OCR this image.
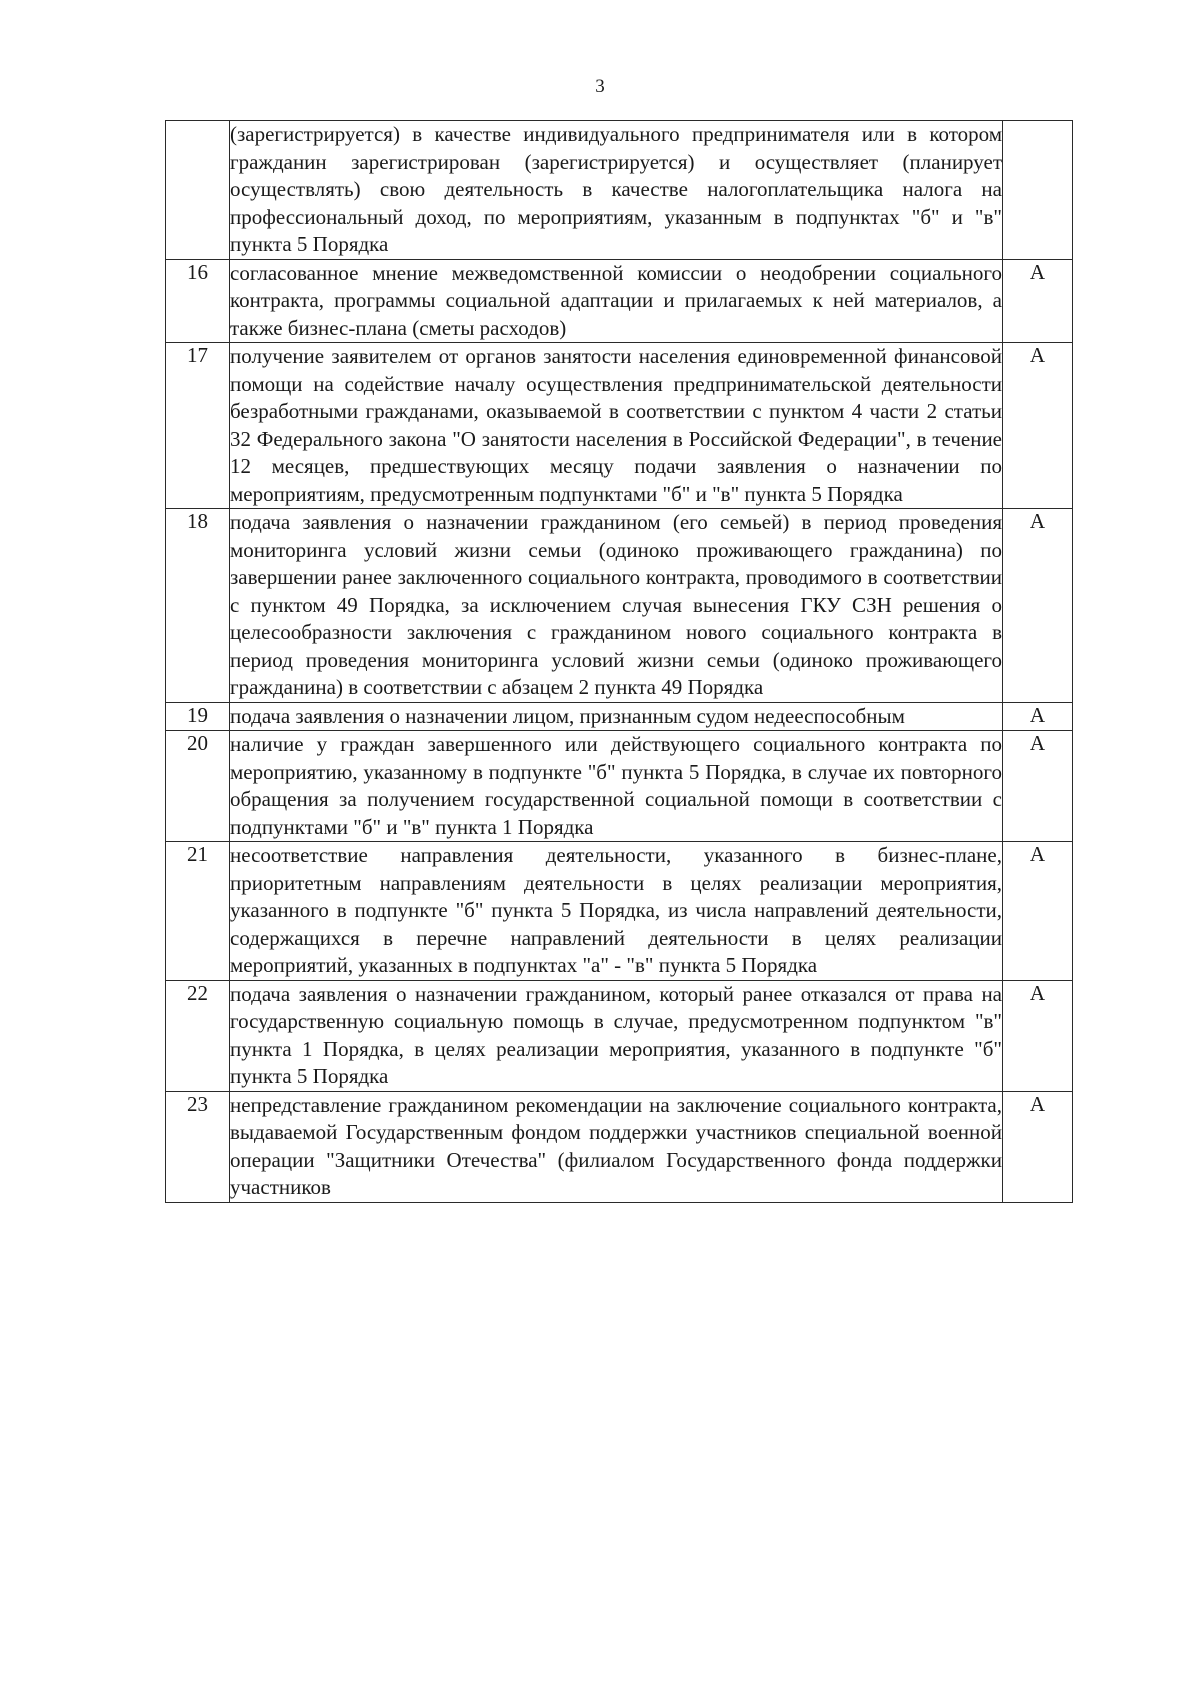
3
	(зарегистрируется) в качестве индивидуального предпринимателя или в котором гражданин зарегистрирован (зарегистрируется) и осуществляет (планирует осуществлять) свою деятельность в качестве налогоплательщика налога на профессиональный доход, по мероприятиям, указанным в подпунктах "б" и "в" пункта 5 Порядка	
16	согласованное мнение межведомственной комиссии о неодобрении социального контракта, программы социальной адаптации и прилагаемых к ней материалов, а также бизнес-плана (сметы расходов)	А
17	получение заявителем от органов занятости населения единовременной финансовой помощи на содействие началу осуществления предпринимательской деятельности безработными гражданами, оказываемой в соответствии с пунктом 4 части 2 статьи 32 Федерального закона "О занятости населения в Российской Федерации", в течение 12 месяцев, предшествующих месяцу подачи заявления о назначении по мероприятиям, предусмотренным подпунктами "б" и "в" пункта 5 Порядка	А
18	подача заявления о назначении гражданином (его семьей) в период проведения мониторинга условий жизни семьи (одиноко проживающего гражданина) по завершении ранее заключенного социального контракта, проводимого в соответствии с пунктом 49 Порядка, за исключением случая вынесения ГКУ СЗН решения о целесообразности заключения с гражданином нового социального контракта в период проведения мониторинга условий жизни семьи (одиноко проживающего гражданина) в соответствии с абзацем 2 пункта 49 Порядка	А
19	подача заявления о назначении лицом, признанным судом недееспособным	А
20	наличие у граждан завершенного или действующего социального контракта по мероприятию, указанному в подпункте "б" пункта 5 Порядка, в случае их повторного обращения за получением государственной социальной помощи в соответствии с подпунктами "б" и "в" пункта 1 Порядка	А
21	несоответствие направления деятельности, указанного в бизнес-плане, приоритетным направлениям деятельности в целях реализации мероприятия, указанного в подпункте "б" пункта 5 Порядка, из числа направлений деятельности, содержащихся в перечне направлений деятельности в целях реализации мероприятий, указанных в подпунктах "а" - "в" пункта 5 Порядка	А
22	подача заявления о назначении гражданином, который ранее отказался от права на государственную социальную помощь в случае, предусмотренном подпунктом "в" пункта 1 Порядка, в целях реализации мероприятия, указанного в подпункте "б" пункта 5 Порядка	А
23	непредставление гражданином рекомендации на заключение социального контракта, выдаваемой Государственным фондом поддержки участников специальной военной операции "Защитники Отечества" (филиалом Государственного фонда поддержки участников	А
